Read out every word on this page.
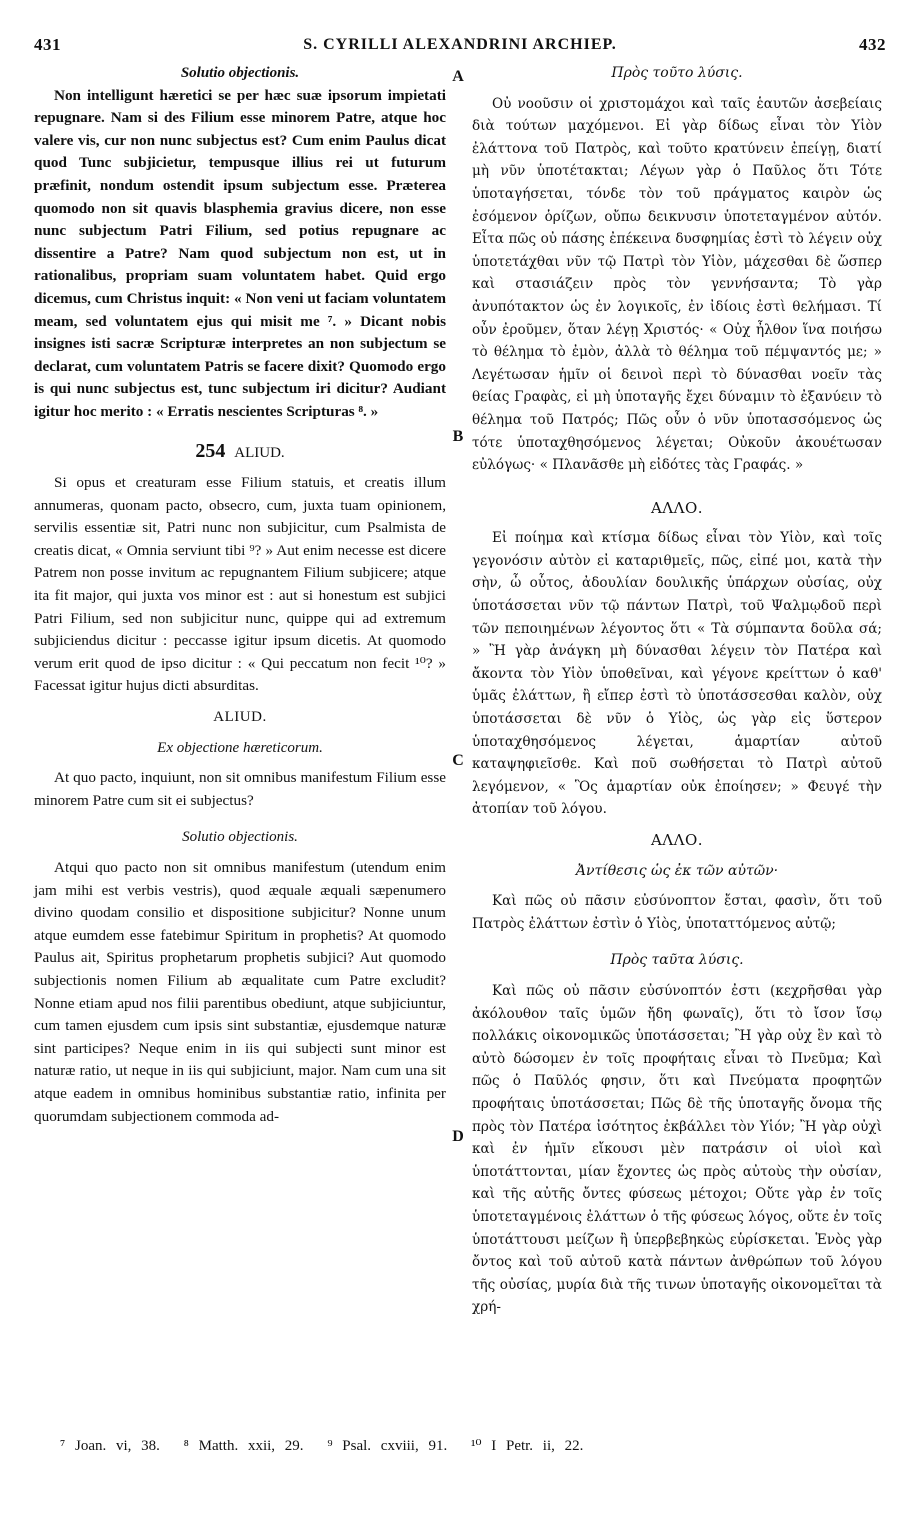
431	S. CYRILLI ALEXANDRINI ARCHIEP.	432
A
B
C
D
Solutio objectionis.

Non intelligunt hæretici se per hæc suæ ipsorum impietati repugnare. Nam si des Filium esse minorem Patre, atque hoc valere vis, cur non nunc subjectus est? Cum enim Paulus dicat quod Tunc subjicietur, tempusque illius rei ut futurum præfinit, nondum ostendit ipsum subjectum esse. Præterea quomodo non sit quavis blasphemia gravius dicere, non esse nunc subjectum Patri Filium, sed potius repugnare ac dissentire a Patre? Nam quod subjectum non est, ut in rationalibus, propriam suam voluntatem habet. Quid ergo dicemus, cum Christus inquit: « Non veni ut faciam voluntatem meam, sed voluntatem ejus qui misit me ⁷. » Dicant nobis insignes isti sacræ Scripturæ interpretes an non subjectum se declarat, cum voluntatem Patris se facere dixit? Quomodo ergo is qui nunc subjectus est, tunc subjectum iri dicitur? Audiant igitur hoc merito : « Erratis nescientes Scripturas ⁸. »

254 ALIUD.

Si opus et creaturam esse Filium statuis, et creatis illum annumeras, quonam pacto, obsecro, cum, juxta tuam opinionem, servilis essentiæ sit, Patri nunc non subjicitur, cum Psalmista de creatis dicat, « Omnia serviunt tibi ⁹? » Aut enim necesse est dicere Patrem non posse invitum ac repugnantem Filium subjicere; atque ita fit major, qui juxta vos minor est : aut si honestum est subjici Patri Filium, sed non subjicitur nunc, quippe qui ad extremum subjiciendus dicitur : peccasse igitur ipsum dicetis. At quomodo verum erit quod de ipso dicitur : « Qui peccatum non fecit ¹⁰? » Facessat igitur hujus dicti absurditas.

ALIUD.
Ex objectione hæreticorum.

At quo pacto, inquiunt, non sit omnibus manifestum Filium esse minorem Patre cum sit ei subjectus?

Solutio objectionis.

Atqui quo pacto non sit omnibus manifestum (utendum enim jam mihi est verbis vestris), quod æquale æquali sæpenumero divino quodam consilio et dispositione subjicitur? Nonne unum atque eumdem esse fatebimur Spiritum in prophetis? At quomodo Paulus ait, Spiritus prophetarum prophetis subjici? Aut quomodo subjectionis nomen Filium ab æqualitate cum Patre excludit? Nonne etiam apud nos filii parentibus obediunt, atque subjiciuntur, cum tamen ejusdem cum ipsis sint substantiæ, ejusdemque naturæ sint participes? Neque enim in iis qui subjecti sunt minor est naturæ ratio, ut neque in iis qui subjiciunt, major. Nam cum una sit atque eadem in omnibus hominibus substantiæ ratio, infinita per quorumdam subjectionem commoda ad-

Πρὸς τοῦτο λύσις.

Οὐ νοοῦσιν οἱ χριστομάχοι καὶ ταῖς ἑαυτῶν ἀσεβείαις διὰ τούτων μαχόμενοι. Εἰ γὰρ δίδως εἶναι τὸν Υἱὸν ἐλάττονα τοῦ Πατρὸς, καὶ τοῦτο κρατύνειν ἐπείγῃ, διατί μὴ νῦν ὑποτέτακται; Λέγων γὰρ ὁ Παῦλος ὅτι Τότε ὑποταγήσεται, τόνδε τὸν τοῦ πράγματος καιρὸν ὡς ἐσόμενον ὁρίζων, οὔπω δεικνυσιν ὑποτεταγμένον αὐτόν. Εἶτα πῶς οὐ πάσης ἐπέκεινα δυσφημίας ἐστὶ τὸ λέγειν οὐχ ὑποτετάχθαι νῦν τῷ Πατρὶ τὸν Υἱὸν, μάχεσθαι δὲ ὥσπερ καὶ στασιάζειν πρὸς τὸν γεννήσαντα; Τὸ γὰρ ἀνυπότακτον ὡς ἐν λογικοῖς, ἐν ἰδίοις ἐστὶ θελήμασι. Τί οὖν ἐροῦμεν, ὅταν λέγῃ Χριστός· « Οὐχ ἦλθον ἵνα ποιήσω τὸ θέλημα τὸ ἐμὸν, ἀλλὰ τὸ θέλημα τοῦ πέμψαντός με; » Λεγέτωσαν ἡμῖν οἱ δεινοὶ περὶ τὸ δύνασθαι νοεῖν τὰς θείας Γραφὰς, εἰ μὴ ὑποταγῆς ἔχει δύναμιν τὸ ἐξανύειν τὸ θέλημα τοῦ Πατρός; Πῶς οὖν ὁ νῦν ὑποτασσόμενος ὡς τότε ὑποταχθησόμενος λέγεται; Οὐκοῦν ἀκουέτωσαν εὐλόγως· « Πλανᾶσθε μὴ εἰδότες τὰς Γραφάς. »

ΑΛΛΟ.

Εἰ ποίημα καὶ κτίσμα δίδως εἶναι τὸν Υἱὸν, καὶ τοῖς γεγονόσιν αὐτὸν εἰ καταριθμεῖς, πῶς, εἰπέ μοι, κατὰ τὴν σὴν, ὦ οὗτος, ἀδουλίαν δουλικῆς ὑπάρχων οὐσίας, οὐχ ὑποτάσσεται νῦν τῷ πάντων Πατρὶ, τοῦ Ψαλμῳδοῦ περὶ τῶν πεποιημένων λέγοντος ὅτι « Τὰ σύμπαντα δοῦλα σά; » Ἢ γὰρ ἀνάγκη μὴ δύνασθαι λέγειν τὸν Πατέρα καὶ ἄκοντα τὸν Υἱὸν ὑποθεῖναι, καὶ γέγονε κρείττων ὁ καθ' ὑμᾶς ἐλάττων, ἢ εἴπερ ἐστὶ τὸ ὑποτάσσεσθαι καλὸν, οὐχ ὑποτάσσεται δὲ νῦν ὁ Υἱὸς, ὡς γὰρ εἰς ὕστερον ὑποταχθησόμενος λέγεται, ἁμαρτίαν αὐτοῦ καταψηφιεῖσθε. Καὶ ποῦ σωθήσεται τὸ Πατρὶ αὐτοῦ λεγόμενον, « Ὃς ἁμαρτίαν οὐκ ἐποίησεν; » Φευγέ τὴν ἀτοπίαν τοῦ λόγου.

ΑΛΛΟ.
Ἀντίθεσις ὡς ἐκ τῶν αὐτῶν·

Καὶ πῶς οὐ πᾶσιν εὐσύνοπτον ἔσται, φασὶν, ὅτι τοῦ Πατρὸς ἐλάττων ἐστὶν ὁ Υἱὸς, ὑποταττόμενος αὐτῷ;

Πρὸς ταῦτα λύσις.

Καὶ πῶς οὐ πᾶσιν εὐσύνοπτόν ἐστι (κεχρῆσθαι γὰρ ἀκόλουθον ταῖς ὑμῶν ἤδη φωναῖς), ὅτι τὸ ἴσον ἴσῳ πολλάκις οἰκονομικῶς ὑποτάσσεται; Ἢ γὰρ οὐχ ἓν καὶ τὸ αὐτὸ δώσομεν ἐν τοῖς προφήταις εἶναι τὸ Πνεῦμα; Καὶ πῶς ὁ Παῦλός φησιν, ὅτι καὶ Πνεύματα προφητῶν προφήταις ὑποτάσσεται; Πῶς δὲ τῆς ὑποταγῆς ὄνομα τῆς πρὸς τὸν Πατέρα ἰσότητος ἐκβάλλει τὸν Υἱόν; Ἢ γὰρ οὐχὶ καὶ ἐν ἡμῖν εἴκουσι μὲν πατράσιν οἱ υἱοὶ καὶ ὑποτάττονται, μίαν ἔχοντες ὡς πρὸς αὐτοὺς τὴν οὐσίαν, καὶ τῆς αὐτῆς ὄντες φύσεως μέτοχοι; Οὔτε γὰρ ἐν τοῖς ὑποτεταγμένοις ἐλάττων ὁ τῆς φύσεως λόγος, οὔτε ἐν τοῖς ὑποτάττουσι μείζων ἢ ὑπερβεβηκὼς εὑρίσκεται. Ἑνὸς γὰρ ὄντος καὶ τοῦ αὐτοῦ κατὰ πάντων ἀνθρώπων τοῦ λόγου τῆς οὐσίας, μυρία διὰ τῆς τινων ὑποταγῆς οἰκονομεῖται τὰ χρή-

⁷ Joan. vi, 38. ⁸ Matth. xxii, 29. ⁹ Psal. cxviii, 91. ¹⁰ I Petr. ii, 22.
